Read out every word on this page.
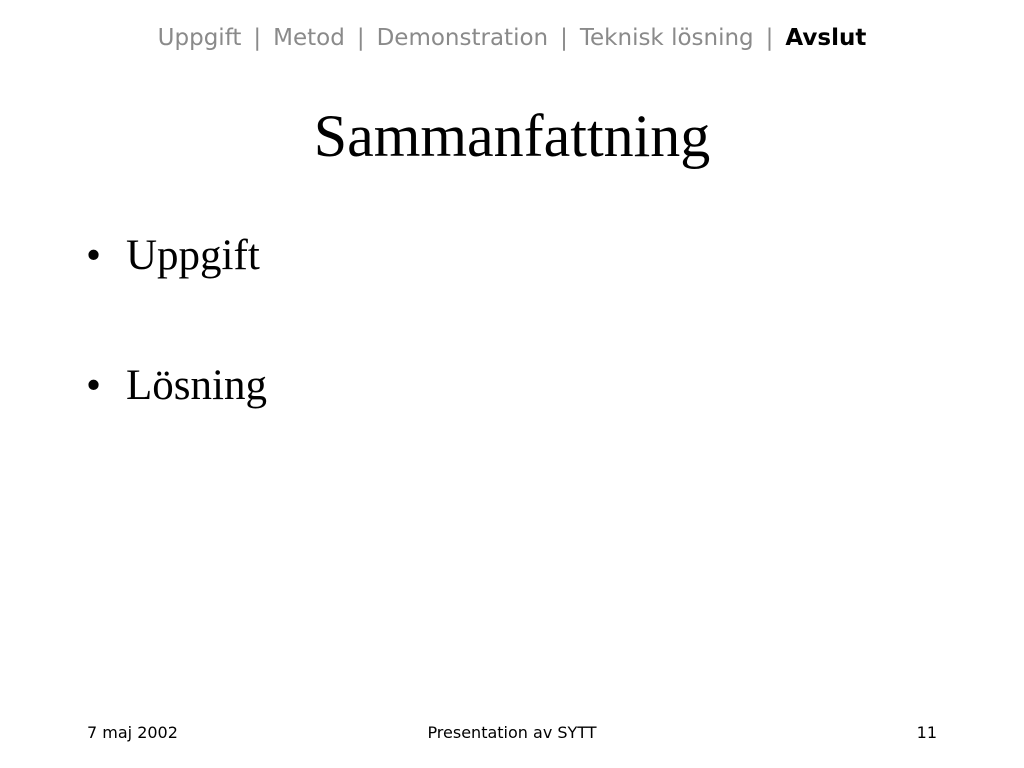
Uppgift | Metod | Demonstration | Teknisk lösning | Avslut
Sammanfattning
• Uppgift
• Lösning
7 maj 2002	Presentation av SYTT	11
